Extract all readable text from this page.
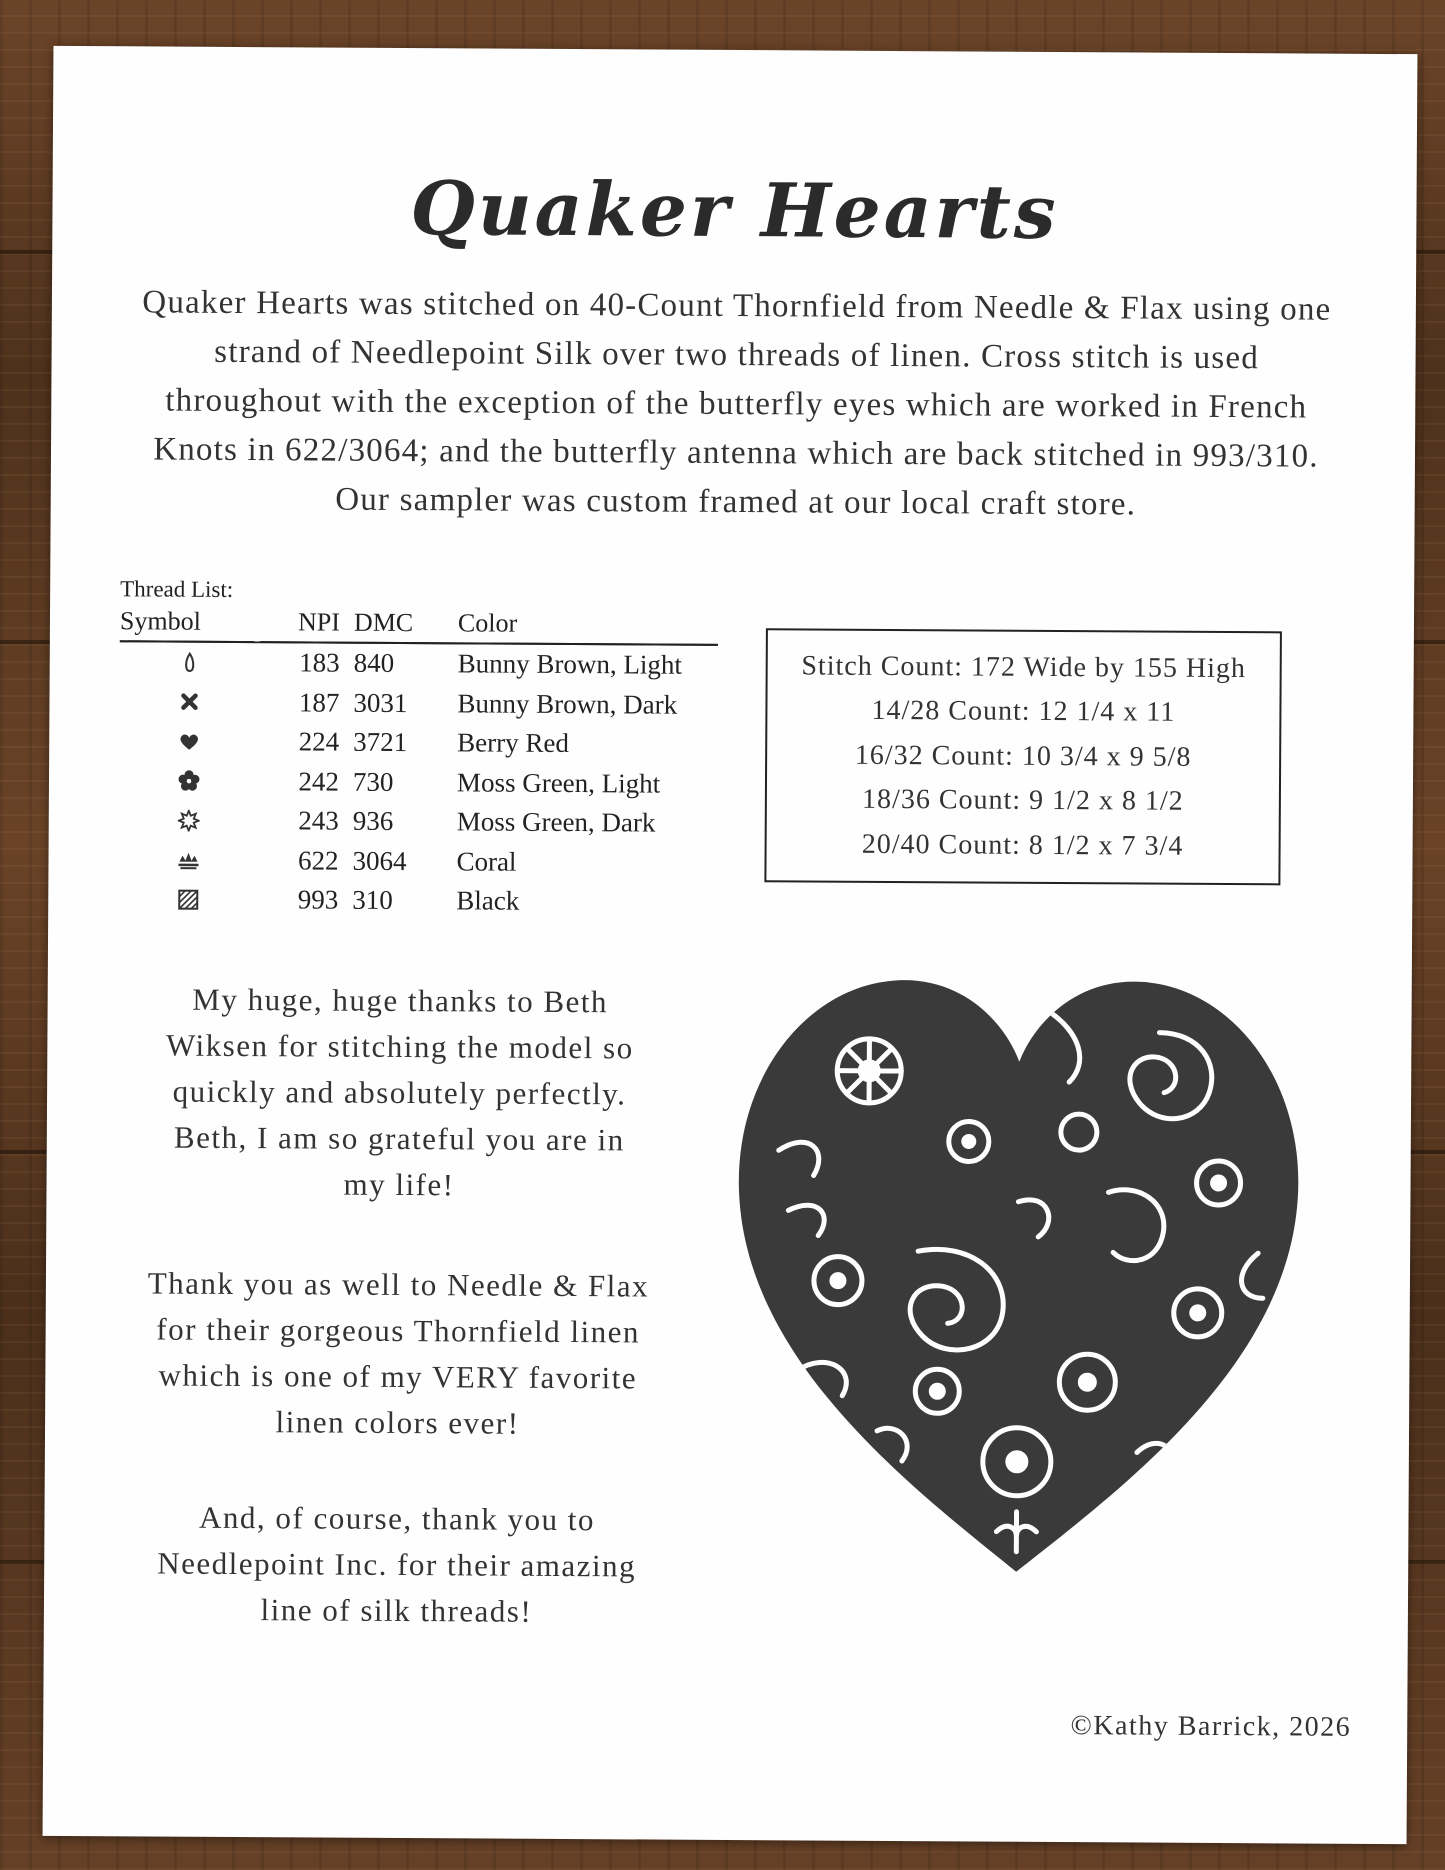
Quaker Hearts

Quaker Hearts was stitched on 40-Count Thornfield from Needle & Flax using one

strand of Needlepoint Silk over two threads of linen. Cross stitch is used

throughout with the exception of the butterfly eyes which are worked in French

Knots in 622/3064; and the butterfly antenna which are back stitched in 993/310.

Our sampler was custom framed at our local craft store.

Thread List:
Symbol	NPI	DMC	Color

	183	840	Bunny Brown, Light

	187	3031	Bunny Brown, Dark

	224	3721	Berry Red

	242	730	Moss Green, Light

	243	936	Moss Green, Dark

	622	3064	Coral

	993	310	Black
Stitch Count: 172 Wide by 155 High
14/28 Count: 12 1/4 x 11
16/32 Count: 10 3/4 x 9 5/8
18/36 Count: 9 1/2 x 8 1/2
20/40 Count: 8 1/2 x 7 3/4

My huge, huge thanks to Beth

Wiksen for stitching the model so

quickly and absolutely perfectly.

Beth, I am so grateful you are in

my life!

Thank you as well to Needle & Flax

for their gorgeous Thornfield linen

which is one of my VERY favorite

linen colors ever!

And, of course, thank you to

Needlepoint Inc. for their amazing

line of silk threads!

©Kathy Barrick, 2026
